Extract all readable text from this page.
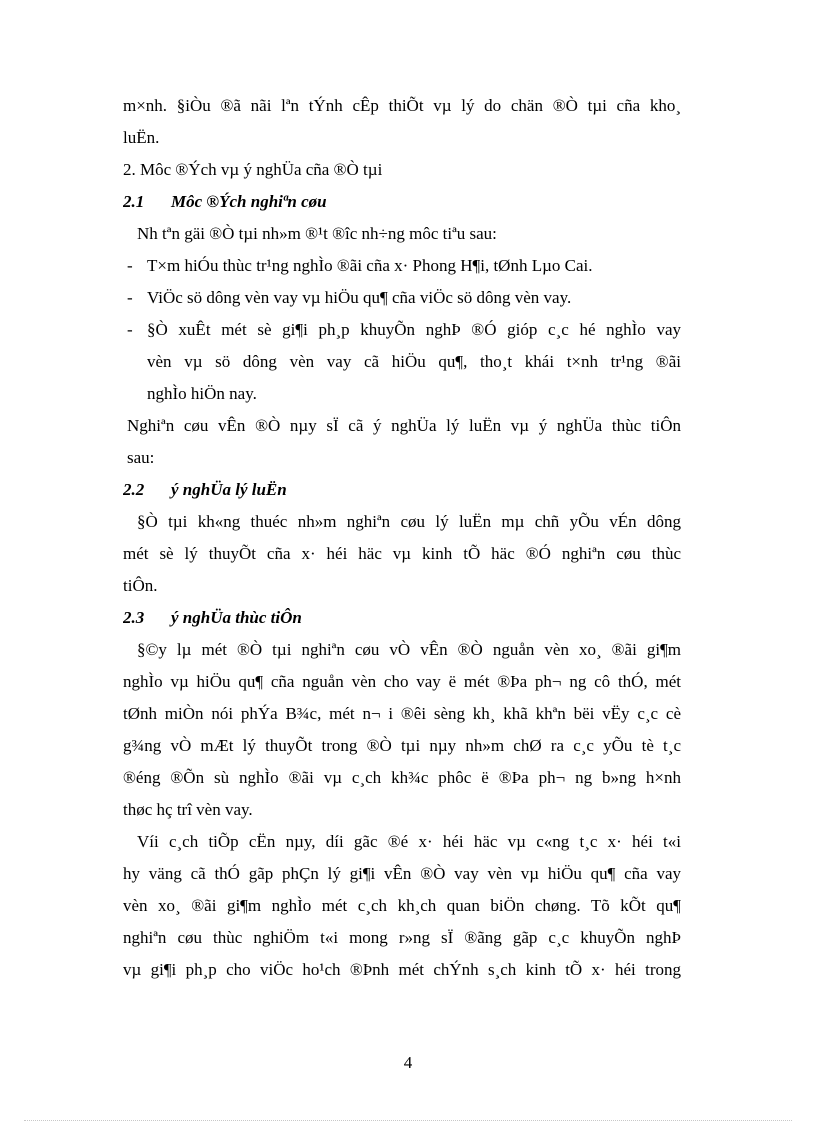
m×nh. §iÒu ®ã nãi lªn tÝnh cÊp thiÕt vµ lý do chän ®Ò tµi cña kho¸
luËn.
2. Môc ®Ých vµ ý nghÜa cña ®Ò tµi
2.1 Môc ®Ých nghiªn cøu
Nh tªn gäi ®Ò tµi nh»m ®¹t ®îc nh÷ng môc tiªu sau:
- T×m hiÓu thùc tr¹ng nghÌo ®ãi cña x· Phong H¶i, tØnh Lµo Cai.
- ViÖc sö dông vèn vay vµ hiÖu qu¶ cña viÖc sö dông vèn vay.
- §Ò xuÊt mét sè gi¶i ph¸p khuyÕn nghÞ ®Ó gióp c¸c hé nghÌo vay
vèn vµ sö dông vèn vay cã hiÖu qu¶, tho¸t khái t×nh tr¹ng ®ãi
nghÌo hiÖn nay.
Nghiªn cøu vÊn ®Ò nµy sÏ cã ý nghÜa lý luËn vµ ý nghÜa thùc tiÔn
sau:
2.2 ý nghÜa lý luËn
§Ò tµi kh«ng thuéc nh»m nghiªn cøu lý luËn mµ chñ yÕu vÉn dông
mét sè lý thuyÕt cña x· héi häc vµ kinh tÕ häc ®Ó nghiªn cøu thùc
tiÔn.
2.3 ý nghÜa thùc tiÔn
§©y lµ mét ®Ò tµi nghiªn cøu vÒ vÊn ®Ò nguån vèn xo¸ ®ãi gi¶m
nghÌo vµ hiÖu qu¶ cña nguån vèn cho vay ë mét ®Þa ph¬ ng cô thÓ, mét
tØnh miÒn nói phÝa B¾c, mét n¬ i ®êi sèng kh¸ khã khªn bëi vËy c¸c cè
g¾ng vÒ mÆt lý thuyÕt trong ®Ò tµi nµy nh»m chØ ra c¸c yÕu tè t¸c
®éng ®Õn sù nghÌo ®ãi vµ c¸ch kh¾c phôc ë ®Þa ph¬ ng b»ng h×nh
thøc hç trî vèn vay.
Víi c¸ch tiÕp cËn nµy, díi gãc ®é x· héi häc vµ c«ng t¸c x· héi t«i
hy väng cã thÓ gãp phÇn lý gi¶i vÊn ®Ò vay vèn vµ hiÖu qu¶ cña vay
vèn xo¸ ®ãi gi¶m nghÌo mét c¸ch kh¸ch quan biÖn chøng. Tõ kÕt qu¶
nghiªn cøu thùc nghiÖm t«i mong r»ng sÏ ®ãng gãp c¸c khuyÕn nghÞ
vµ gi¶i ph¸p cho viÖc ho¹ch ®Þnh mét chÝnh s¸ch kinh tÕ x· héi trong
4
